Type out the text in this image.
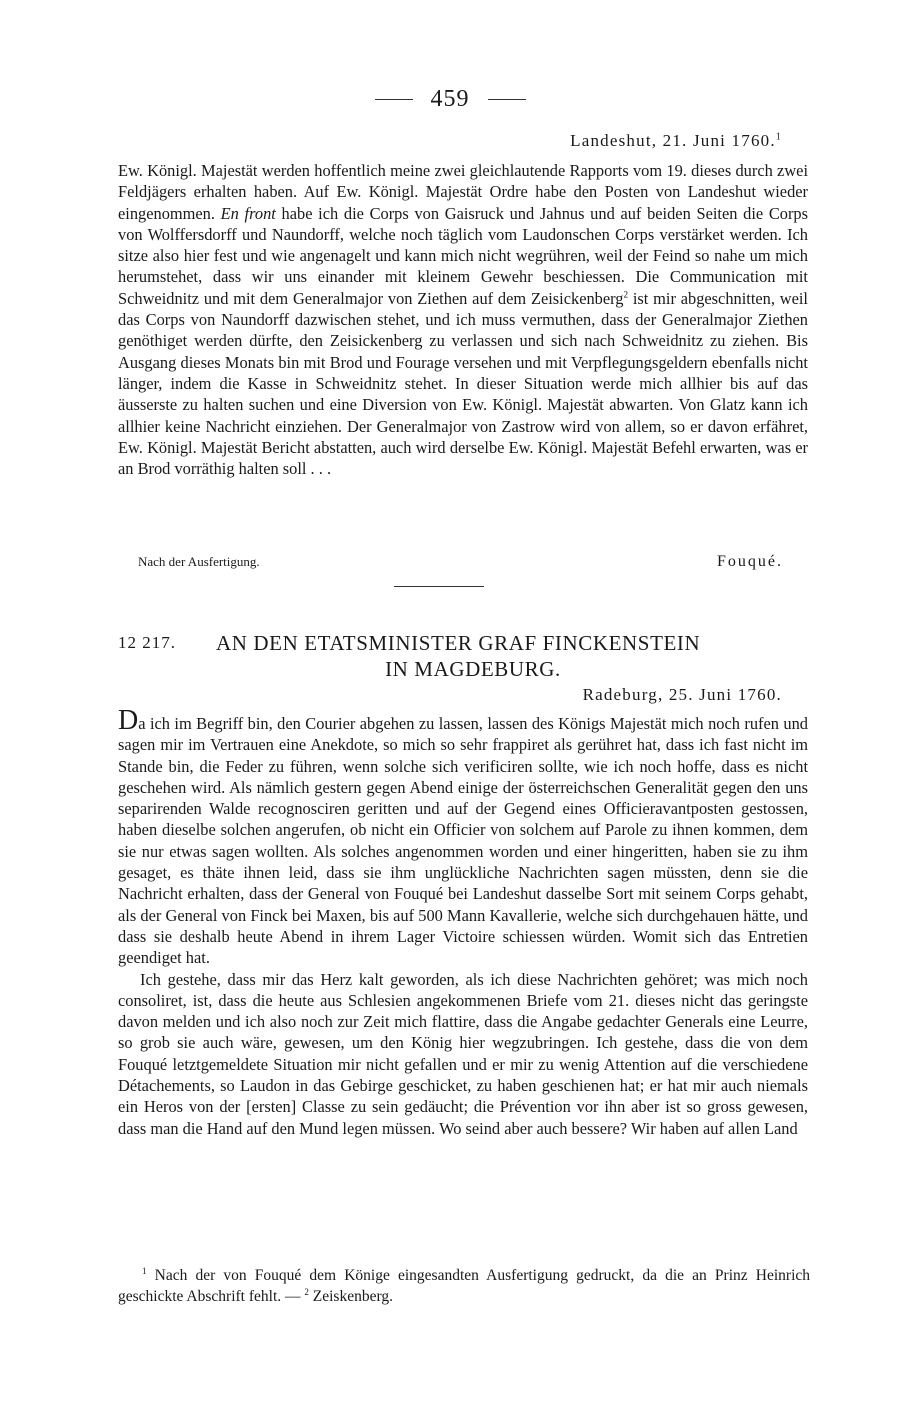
459
Landeshut, 21. Juni 1760.$^1$

Ew. Königl. Majestät werden hoffentlich meine zwei gleichlautende Rapports vom 19. dieses durch zwei Feldjägers erhalten haben. Auf Ew. Königl. Majestät Ordre habe den Posten von Landeshut wieder eingenommen. En front habe ich die Corps von Gaisruck und Jahnus und auf beiden Seiten die Corps von Wolffersdorff und Naundorff, welche noch täglich vom Laudonschen Corps verstärket werden. Ich sitze also hier fest und wie angenagelt und kann mich nicht wegrühren, weil der Feind so nahe um mich herumstehet, dass wir uns einander mit kleinem Gewehr beschiessen. Die Communication mit Schweidnitz und mit dem Generalmajor von Ziethen auf dem Zeisickenberg$^2$ ist mir abgeschnitten, weil das Corps von Naundorff dazwischen stehet, und ich muss vermuthen, dass der Generalmajor Ziethen genöthiget werden dürfte, den Zeisickenberg zu verlassen und sich nach Schweidnitz zu ziehen. Bis Ausgang dieses Monats bin mit Brod und Fourage versehen und mit Verpflegungsgeldern ebenfalls nicht länger, indem die Kasse in Schweidnitz stehet. In dieser Situation werde mich allhier bis auf das äusserste zu halten suchen und eine Diversion von Ew. Königl. Majestät abwarten. Von Glatz kann ich allhier keine Nachricht einziehen. Der Generalmajor von Zastrow wird von allem, so er davon erfähret, Ew. Königl. Majestät Bericht abstatten, auch wird derselbe Ew. Königl. Majestät Befehl erwarten, was er an Brod vorräthig halten soll . . .

Nach der Ausfertigung.	Fouqué.
12 217.	AN DEN ETATSMINISTER GRAF FINCKENSTEIN
IN MAGDEBURG.
Radeburg, 25. Juni 1760.

Da ich im Begriff bin, den Courier abgehen zu lassen, lassen des Königs Majestät mich noch rufen und sagen mir im Vertrauen eine Anekdote, so mich so sehr frappiret als gerühret hat, dass ich fast nicht im Stande bin, die Feder zu führen, wenn solche sich verificiren sollte, wie ich noch hoffe, dass es nicht geschehen wird. Als nämlich gestern gegen Abend einige der österreichschen Generalität gegen den uns separirenden Walde recognosciren geritten und auf der Gegend eines Officieravantposten gestossen, haben dieselbe solchen angerufen, ob nicht ein Officier von solchem auf Parole zu ihnen kommen, dem sie nur etwas sagen wollten. Als solches angenommen worden und einer hingeritten, haben sie zu ihm gesaget, es thäte ihnen leid, dass sie ihm unglückliche Nachrichten sagen müssten, denn sie die Nachricht erhalten, dass der General von Fouqué bei Landeshut dasselbe Sort mit seinem Corps gehabt, als der General von Finck bei Maxen, bis auf 500 Mann Kavallerie, welche sich durchgehauen hätte, und dass sie deshalb heute Abend in ihrem Lager Victoire schiessen würden. Womit sich das Entretien geendiget hat.

Ich gestehe, dass mir das Herz kalt geworden, als ich diese Nachrichten gehöret; was mich noch consoliret, ist, dass die heute aus Schlesien angekommenen Briefe vom 21. dieses nicht das geringste davon melden und ich also noch zur Zeit mich flattire, dass die Angabe gedachter Generals eine Leurre, so grob sie auch wäre, gewesen, um den König hier wegzubringen. Ich gestehe, dass die von dem Fouqué letztgemeldete Situation mir nicht gefallen und er mir zu wenig Attention auf die verschiedene Détachements, so Laudon in das Gebirge geschicket, zu haben geschienen hat; er hat mir auch niemals ein Heros von der [ersten] Classe zu sein gedäucht; die Prévention vor ihn aber ist so gross gewesen, dass man die Hand auf den Mund legen müssen. Wo seind aber auch bessere? Wir haben auf allen Land

$^1$ Nach der von Fouqué dem Könige eingesandten Ausfertigung gedruckt, da die an Prinz Heinrich geschickte Abschrift fehlt. — $^2$ Zeiskenberg.
